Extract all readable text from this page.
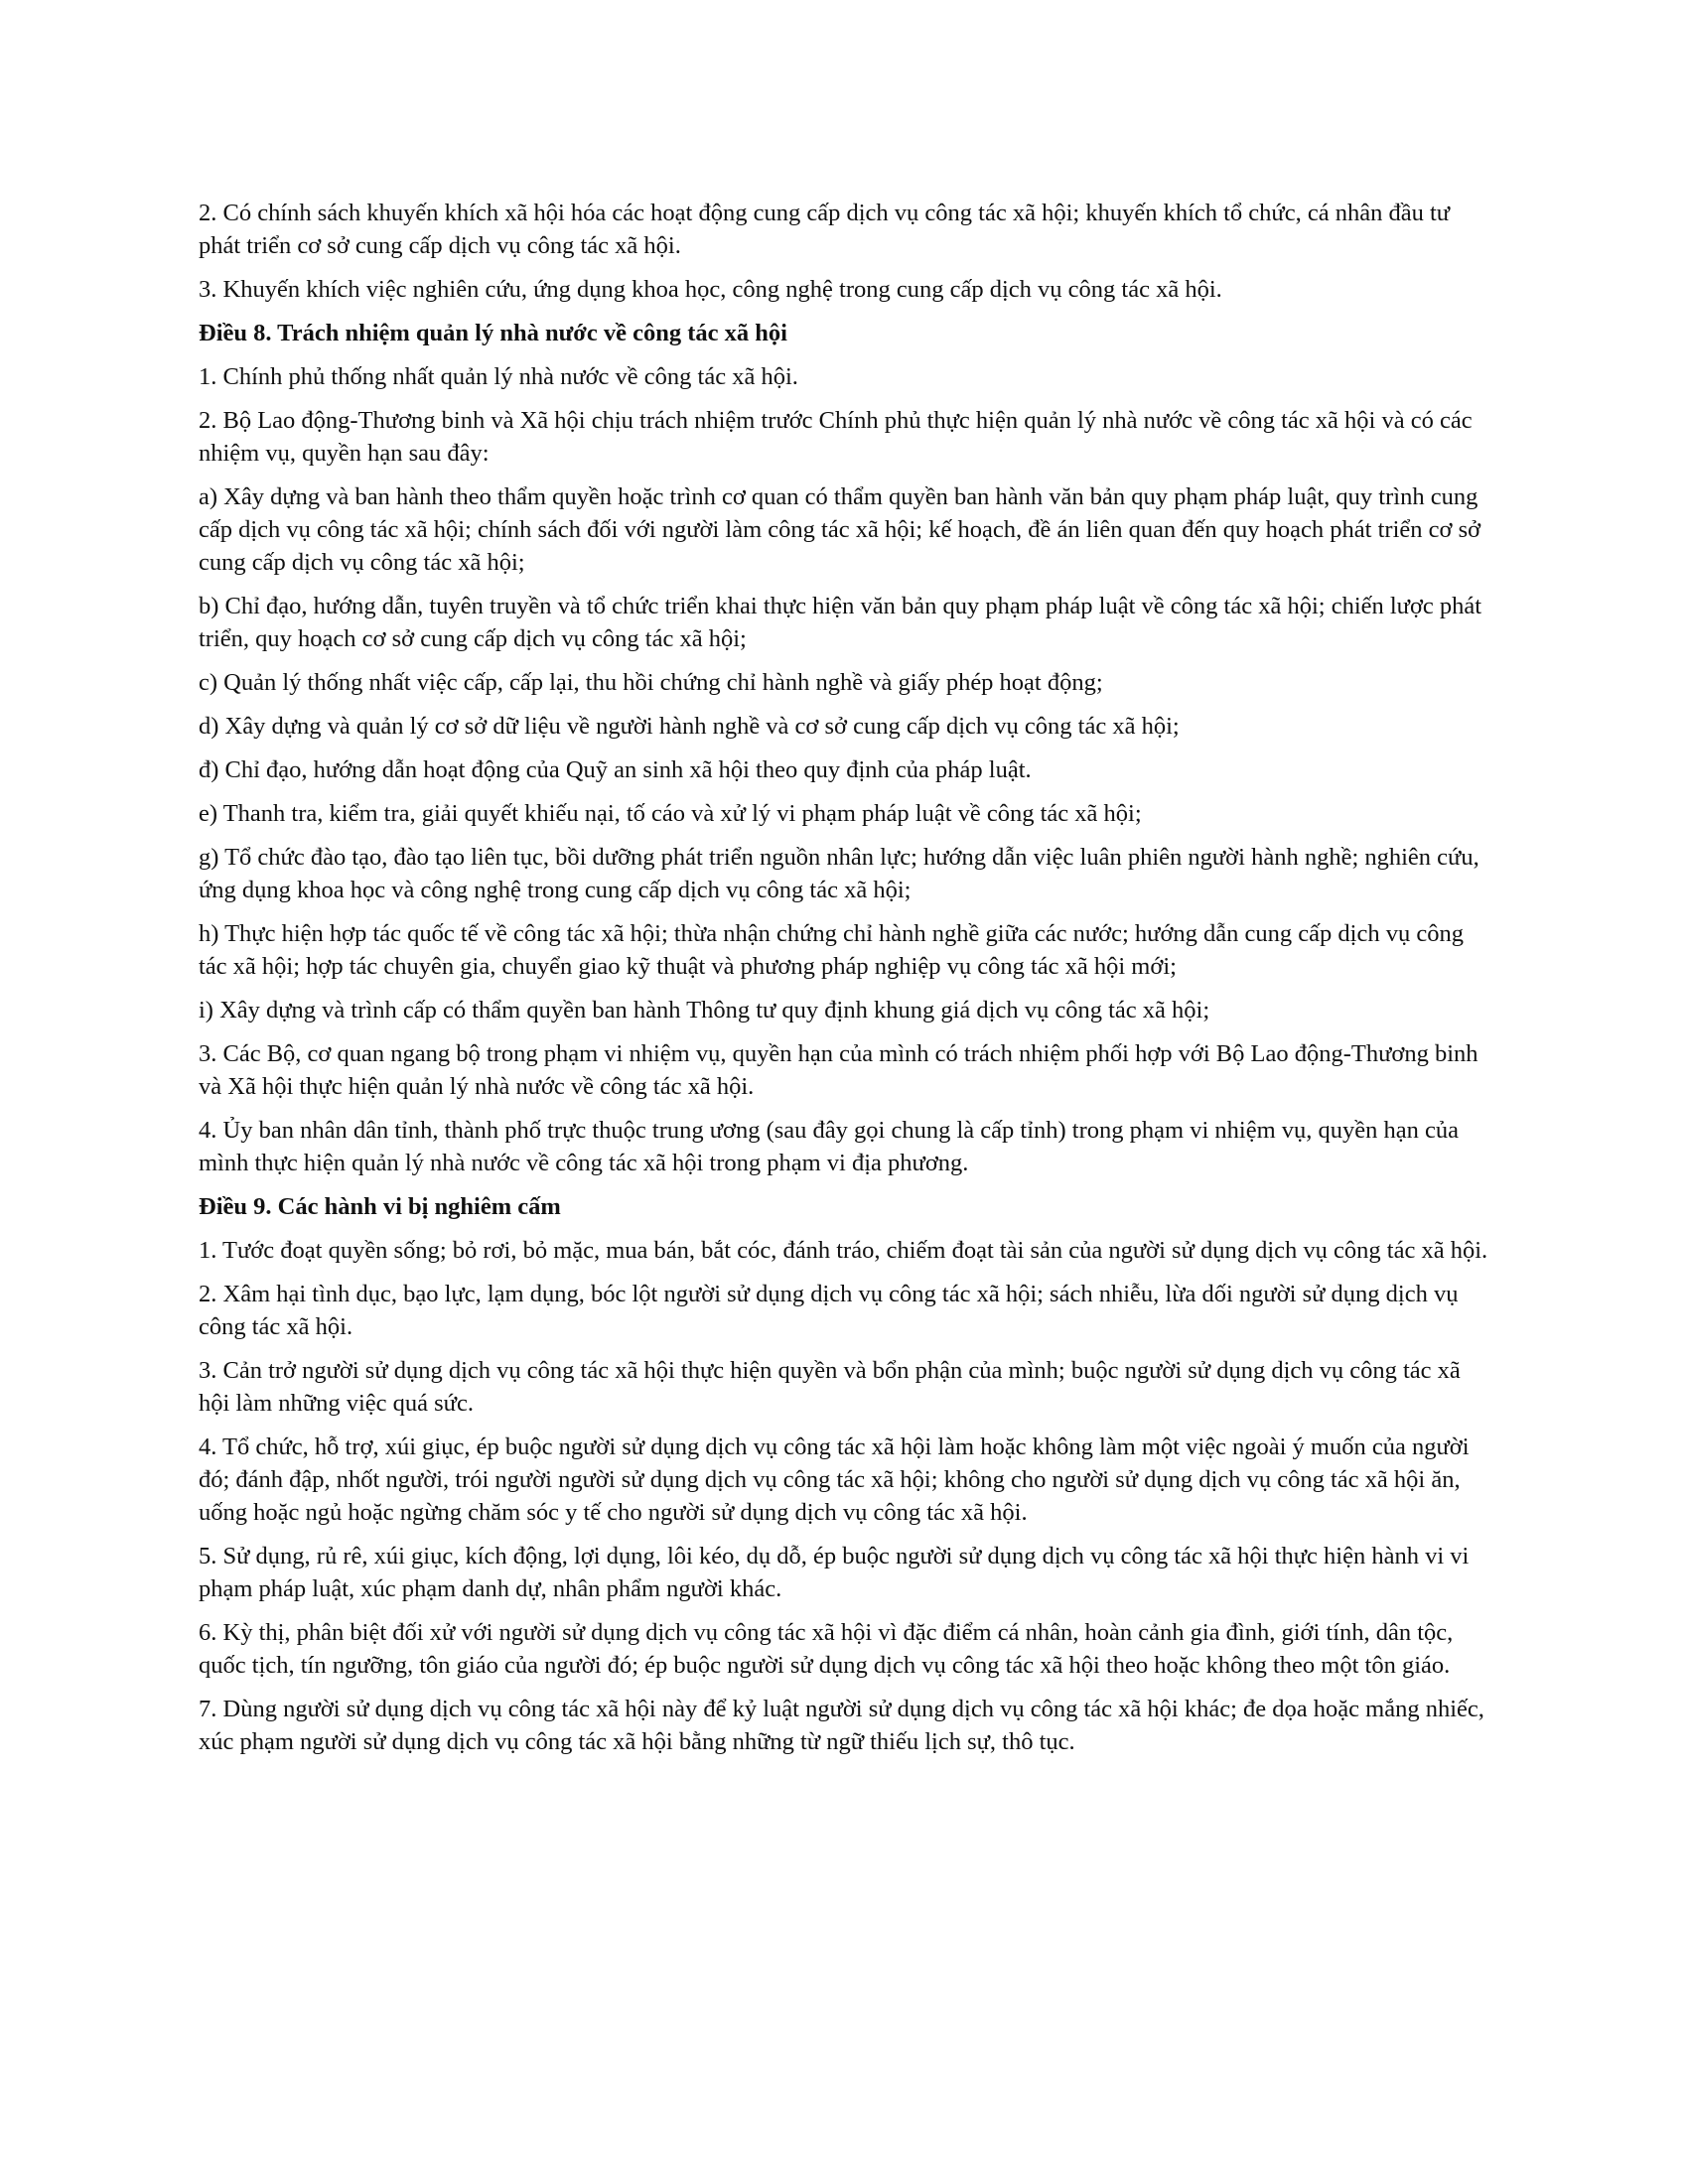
2. Có chính sách khuyến khích xã hội hóa các hoạt động cung cấp dịch vụ công tác xã hội; khuyến khích tổ chức, cá nhân đầu tư phát triển cơ sở cung cấp dịch vụ công tác xã hội.

3. Khuyến khích việc nghiên cứu, ứng dụng khoa học, công nghệ trong cung cấp dịch vụ công tác xã hội.

Điều 8. Trách nhiệm quản lý nhà nước về công tác xã hội

1. Chính phủ thống nhất quản lý nhà nước về công tác xã hội.

2. Bộ Lao động-Thương binh và Xã hội chịu trách nhiệm trước Chính phủ thực hiện quản lý nhà nước về công tác xã hội và có các nhiệm vụ, quyền hạn sau đây:

a) Xây dựng và ban hành theo thẩm quyền hoặc trình cơ quan có thẩm quyền ban hành văn bản quy phạm pháp luật, quy trình cung cấp dịch vụ công tác xã hội; chính sách đối với người làm công tác xã hội; kế hoạch, đề án liên quan đến quy hoạch phát triển cơ sở cung cấp dịch vụ công tác xã hội;

b) Chỉ đạo, hướng dẫn, tuyên truyền và tổ chức triển khai thực hiện văn bản quy phạm pháp luật về công tác xã hội; chiến lược phát triển, quy hoạch cơ sở cung cấp dịch vụ công tác xã hội;

c) Quản lý thống nhất việc cấp, cấp lại, thu hồi chứng chỉ hành nghề và giấy phép hoạt động;

d) Xây dựng và quản lý cơ sở dữ liệu về người hành nghề và cơ sở cung cấp dịch vụ công tác xã hội;

đ) Chỉ đạo, hướng dẫn hoạt động của Quỹ an sinh xã hội theo quy định của pháp luật.

e) Thanh tra, kiểm tra, giải quyết khiếu nại, tố cáo và xử lý vi phạm pháp luật về công tác xã hội;

g) Tổ chức đào tạo, đào tạo liên tục, bồi dưỡng phát triển nguồn nhân lực; hướng dẫn việc luân phiên người hành nghề; nghiên cứu, ứng dụng khoa học và công nghệ trong cung cấp dịch vụ công tác xã hội;

h) Thực hiện hợp tác quốc tế về công tác xã hội; thừa nhận chứng chỉ hành nghề giữa các nước; hướng dẫn cung cấp dịch vụ công tác xã hội; hợp tác chuyên gia, chuyển giao kỹ thuật và phương pháp nghiệp vụ công tác xã hội mới;

i) Xây dựng và trình cấp có thẩm quyền ban hành Thông tư quy định khung giá dịch vụ công tác xã hội;

3. Các Bộ, cơ quan ngang bộ trong phạm vi nhiệm vụ, quyền hạn của mình có trách nhiệm phối hợp với Bộ Lao động-Thương binh và Xã hội thực hiện quản lý nhà nước về công tác xã hội.

4. Ủy ban nhân dân tỉnh, thành phố trực thuộc trung ương (sau đây gọi chung là cấp tỉnh) trong phạm vi nhiệm vụ, quyền hạn của mình thực hiện quản lý nhà nước về công tác xã hội trong phạm vi địa phương.

Điều 9. Các hành vi bị nghiêm cấm

1. Tước đoạt quyền sống; bỏ rơi, bỏ mặc, mua bán, bắt cóc, đánh tráo, chiếm đoạt tài sản của người sử dụng dịch vụ công tác xã hội.

2. Xâm hại tình dục, bạo lực, lạm dụng, bóc lột người sử dụng dịch vụ công tác xã hội; sách nhiễu, lừa dối người sử dụng dịch vụ công tác xã hội.

3. Cản trở người sử dụng dịch vụ công tác xã hội thực hiện quyền và bổn phận của mình; buộc người sử dụng dịch vụ công tác xã hội làm những việc quá sức.

4. Tổ chức, hỗ trợ, xúi giục, ép buộc người sử dụng dịch vụ công tác xã hội làm hoặc không làm một việc ngoài ý muốn của người đó; đánh đập, nhốt người, trói người người sử dụng dịch vụ công tác xã hội; không cho người sử dụng dịch vụ công tác xã hội ăn, uống hoặc ngủ hoặc ngừng chăm sóc y tế cho người sử dụng dịch vụ công tác xã hội.

5. Sử dụng, rủ rê, xúi giục, kích động, lợi dụng, lôi kéo, dụ dỗ, ép buộc người sử dụng dịch vụ công tác xã hội thực hiện hành vi vi phạm pháp luật, xúc phạm danh dự, nhân phẩm người khác.

6. Kỳ thị, phân biệt đối xử với người sử dụng dịch vụ công tác xã hội vì đặc điểm cá nhân, hoàn cảnh gia đình, giới tính, dân tộc, quốc tịch, tín ngưỡng, tôn giáo của người đó; ép buộc người sử dụng dịch vụ công tác xã hội theo hoặc không theo một tôn giáo.

7. Dùng người sử dụng dịch vụ công tác xã hội này để kỷ luật người sử dụng dịch vụ công tác xã hội khác; đe dọa hoặc mắng nhiếc, xúc phạm người sử dụng dịch vụ công tác xã hội bằng những từ ngữ thiếu lịch sự, thô tục.
